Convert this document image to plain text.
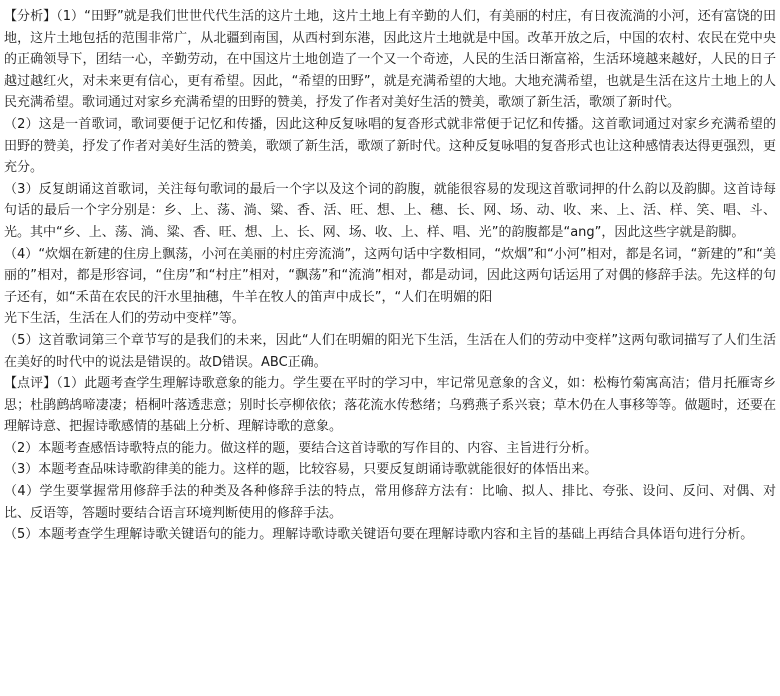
【分析】（1）“田野”就是我们世世代代生活的这片土地，这片土地上有辛勤的人们，有美丽的村庄，有日夜流淌的小河，还有富饶的田地，这片土地包括的范围非常广，从北疆到南国，从西村到东港，因此这片土地就是中国。改革开放之后，中国的农村、农民在党中央的正确领导下，团结一心，辛勤劳动，在中国这片土地创造了一个又一个奇迹，人民的生活日渐富裕，生活环境越来越好，人民的日子越过越红火，对未来更有信心，更有希望。因此，“希望的田野”，就是充满希望的大地。大地充满希望，也就是生活在这片土地上的人民充满希望。歌词通过对家乡充满希望的田野的赞美，抒发了作者对美好生活的赞美，歌颂了新生活，歌颂了新时代。

（2）这是一首歌词，歌词要便于记忆和传播，因此这种反复咏唱的复沓形式就非常便于记忆和传播。这首歌词通过对家乡充满希望的田野的赞美，抒发了作者对美好生活的赞美，歌颂了新生活，歌颂了新时代。这种反复咏唱的复沓形式也让这种感情表达得更强烈，更充分。

（3）反复朗诵这首歌词，关注每句歌词的最后一个字以及这个词的韵腹，就能很容易的发现这首歌词押的什么韵以及韵脚。这首诗每句话的最后一个字分别是：乡、上、荡、淌、粱、香、活、旺、想、上、穗、长、网、场、动、收、来、上、活、样、笑、唱、斗、光。其中“乡、上、荡、淌、粱、香、旺、想、上、长、网、场、收、上、样、唱、光”的韵腹都是“ang”，因此这些字就是韵脚。

（4）“炊烟在新建的住房上飘荡，小河在美丽的村庄旁流淌”，这两句话中字数相同，“炊烟”和“小河”相对，都是名词，“新建的”和“美丽的”相对，都是形容词，“住房”和“村庄”相对，“飘荡”和“流淌”相对，都是动词，因此这两句话运用了对偶的修辞手法。先这样的句子还有，如“禾苗在农民的汗水里抽穗，牛羊在牧人的笛声中成长”，“人们在明媚的阳

光下生活，生活在人们的劳动中变样”等。

（5）这首歌词第三个章节写的是我们的未来，因此“人们在明媚的阳光下生活，生活在人们的劳动中变样”这两句歌词描写了人们生活在美好的时代中的说法是错误的。故D错误。ABC正确。

【点评】（1）此题考查学生理解诗歌意象的能力。学生要在平时的学习中，牢记常见意象的含义，如：松梅竹菊寓高洁；借月托雁寄乡思；杜鹃鹧鸪啼凄凄；梧桐叶落透悲意；别时长亭柳依依；落花流水传愁绪；乌鸦燕子系兴衰；草木仍在人事移等等。做题时，还要在理解诗意、把握诗歌感情的基础上分析、理解诗歌的意象。

（2）本题考查感悟诗歌特点的能力。做这样的题，要结合这首诗歌的写作目的、内容、主旨进行分析。

（3）本题考查品味诗歌韵律美的能力。这样的题，比较容易，只要反复朗诵诗歌就能很好的体悟出来。

（4）学生要掌握常用修辞手法的种类及各种修辞手法的特点，常用修辞方法有：比喻、拟人、排比、夸张、设问、反问、对偶、对比、反语等，答题时要结合语言环境判断使用的修辞手法。

（5）本题考查学生理解诗歌关键语句的能力。理解诗歌诗歌关键语句要在理解诗歌内容和主旨的基础上再结合具体语句进行分析。
